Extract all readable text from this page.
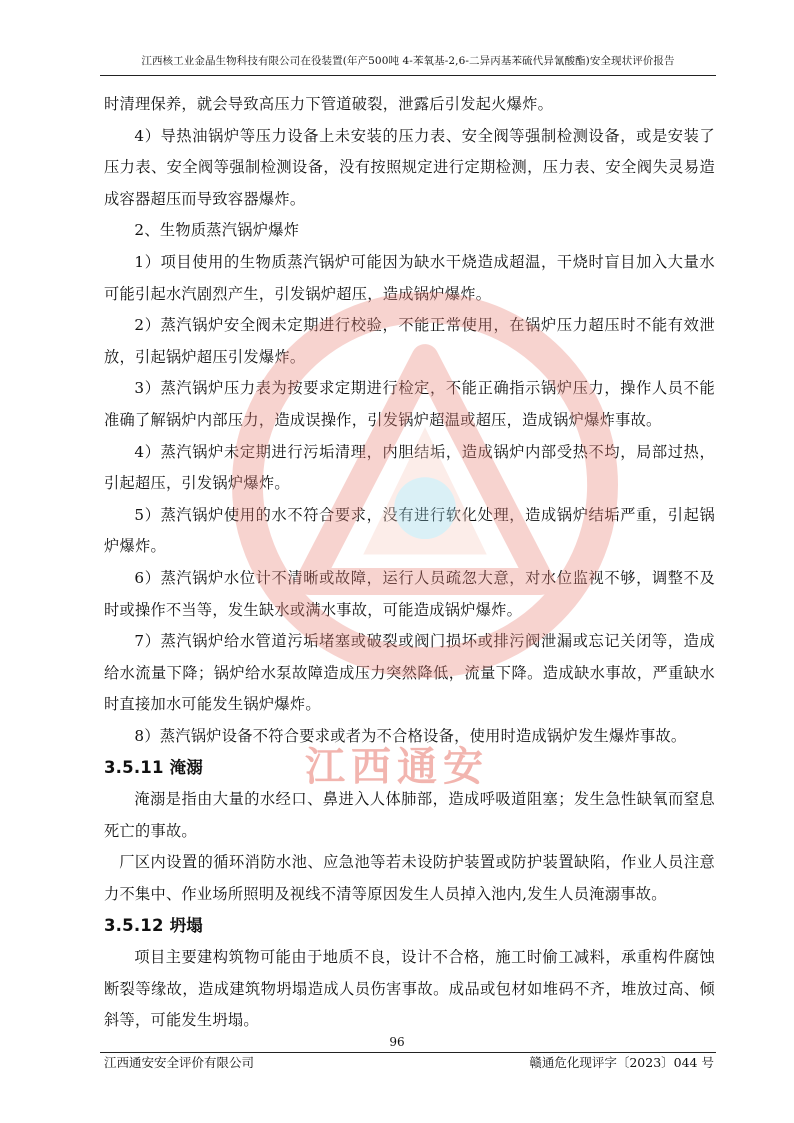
江西核工业金晶生物科技有限公司在役装置(年产500吨 4-苯氧基-2,6-二异丙基苯硫代异氰酸酯)安全现状评价报告

时清理保养，就会导致高压力下管道破裂，泄露后引发起火爆炸。

4）导热油锅炉等压力设备上未安装的压力表、安全阀等强制检测设备，或是安装了压力表、安全阀等强制检测设备，没有按照规定进行定期检测，压力表、安全阀失灵易造成容器超压而导致容器爆炸。

2、生物质蒸汽锅炉爆炸

1）项目使用的生物质蒸汽锅炉可能因为缺水干烧造成超温，干烧时盲目加入大量水可能引起水汽剧烈产生，引发锅炉超压，造成锅炉爆炸。

2）蒸汽锅炉安全阀未定期进行校验，不能正常使用，在锅炉压力超压时不能有效泄放，引起锅炉超压引发爆炸。

3）蒸汽锅炉压力表为按要求定期进行检定，不能正确指示锅炉压力，操作人员不能准确了解锅炉内部压力，造成误操作，引发锅炉超温或超压，造成锅炉爆炸事故。

4）蒸汽锅炉未定期进行污垢清理，内胆结垢，造成锅炉内部受热不均，局部过热，引起超压，引发锅炉爆炸。

5）蒸汽锅炉使用的水不符合要求，没有进行软化处理，造成锅炉结垢严重，引起锅炉爆炸。

6）蒸汽锅炉水位计不清晰或故障，运行人员疏忽大意，对水位监视不够，调整不及时或操作不当等，发生缺水或满水事故，可能造成锅炉爆炸。

7）蒸汽锅炉给水管道污垢堵塞或破裂或阀门损坏或排污阀泄漏或忘记关闭等，造成给水流量下降；锅炉给水泵故障造成压力突然降低，流量下降。造成缺水事故，严重缺水时直接加水可能发生锅炉爆炸。

8）蒸汽锅炉设备不符合要求或者为不合格设备，使用时造成锅炉发生爆炸事故。

3.5.11 淹溺

淹溺是指由大量的水经口、鼻进入人体肺部，造成呼吸道阻塞；发生急性缺氧而窒息死亡的事故。

厂区内设置的循环消防水池、应急池等若未设防护装置或防护装置缺陷，作业人员注意力不集中、作业场所照明及视线不清等原因发生人员掉入池内,发生人员淹溺事故。

3.5.12 坍塌

项目主要建构筑物可能由于地质不良，设计不合格，施工时偷工减料，承重构件腐蚀断裂等缘故，造成建筑物坍塌造成人员伤害事故。成品或包材如堆码不齐，堆放过高、倾斜等，可能发生坍塌。

江西通安
96
江西通安安全评价有限公司	赣通危化现评字〔2023〕044 号
